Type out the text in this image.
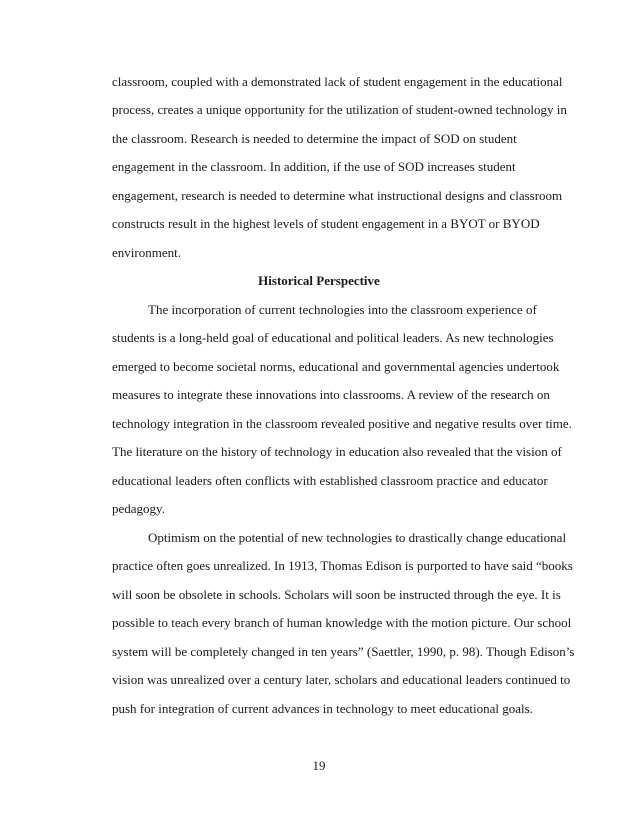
classroom, coupled with a demonstrated lack of student engagement in the educational
process, creates a unique opportunity for the utilization of student-owned technology in
the classroom. Research is needed to determine the impact of SOD on student
engagement in the classroom. In addition, if the use of SOD increases student
engagement, research is needed to determine what instructional designs and classroom
constructs result in the highest levels of student engagement in a BYOT or BYOD
environment.
Historical Perspective
The incorporation of current technologies into the classroom experience of
students is a long-held goal of educational and political leaders. As new technologies
emerged to become societal norms, educational and governmental agencies undertook
measures to integrate these innovations into classrooms. A review of the research on
technology integration in the classroom revealed positive and negative results over time.
The literature on the history of technology in education also revealed that the vision of
educational leaders often conflicts with established classroom practice and educator
pedagogy.
Optimism on the potential of new technologies to drastically change educational
practice often goes unrealized. In 1913, Thomas Edison is purported to have said “books
will soon be obsolete in schools. Scholars will soon be instructed through the eye. It is
possible to teach every branch of human knowledge with the motion picture. Our school
system will be completely changed in ten years” (Saettler, 1990, p. 98). Though Edison’s
vision was unrealized over a century later, scholars and educational leaders continued to
push for integration of current advances in technology to meet educational goals.
19
